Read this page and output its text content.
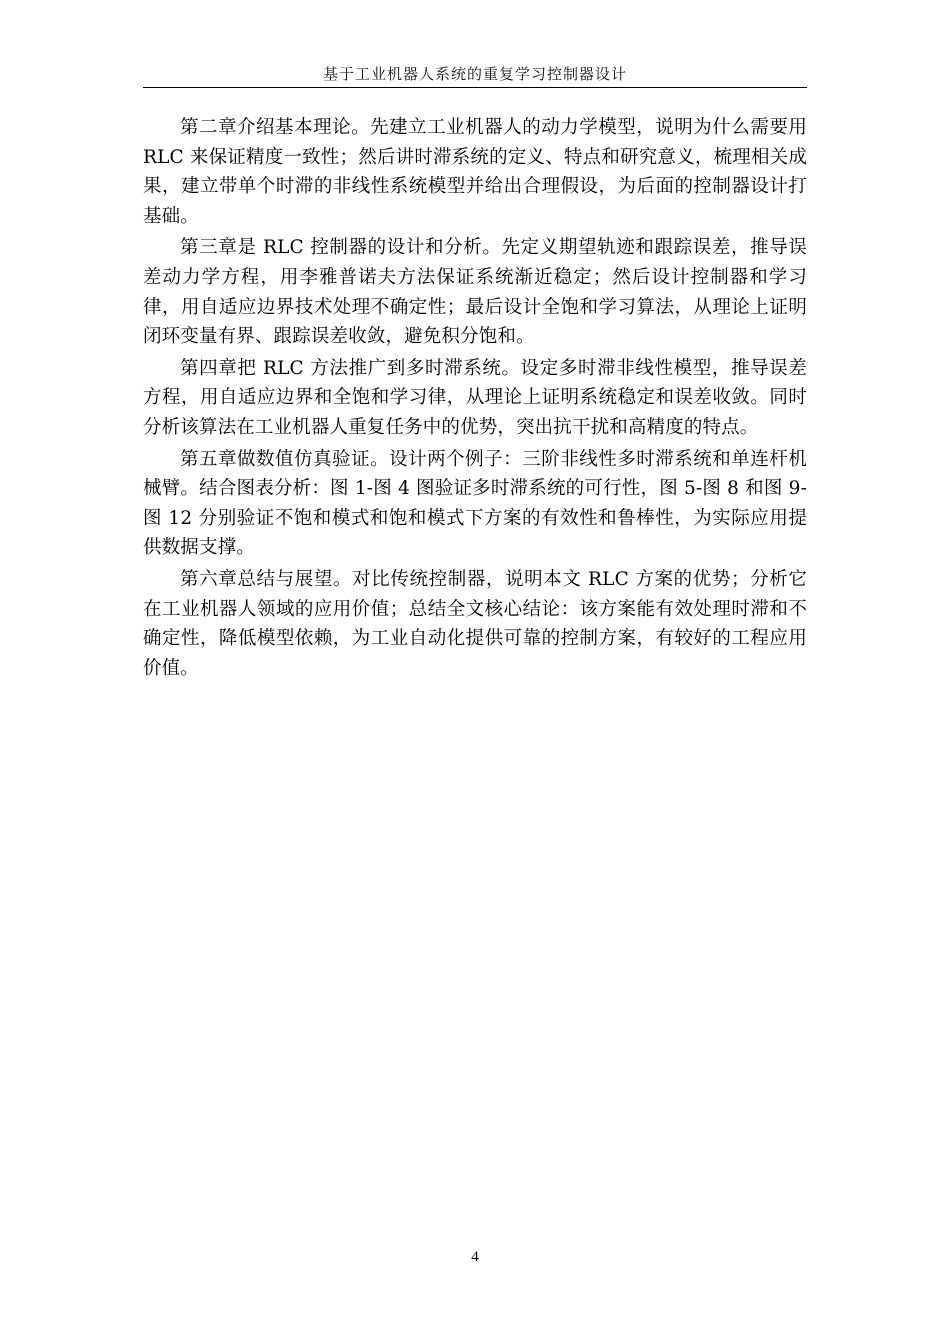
基于工业机器人系统的重复学习控制器设计

第二章介绍基本理论。先建立工业机器人的动力学模型，说明为什么需要用 RLC 来保证精度一致性；然后讲时滞系统的定义、特点和研究意义，梳理相关成果，建立带单个时滞的非线性系统模型并给出合理假设，为后面的控制器设计打基础。

第三章是 RLC 控制器的设计和分析。先定义期望轨迹和跟踪误差，推导误差动力学方程，用李雅普诺夫方法保证系统渐近稳定；然后设计控制器和学习律，用自适应边界技术处理不确定性；最后设计全饱和学习算法，从理论上证明闭环变量有界、跟踪误差收敛，避免积分饱和。

第四章把 RLC 方法推广到多时滞系统。设定多时滞非线性模型，推导误差方程，用自适应边界和全饱和学习律，从理论上证明系统稳定和误差收敛。同时分析该算法在工业机器人重复任务中的优势，突出抗干扰和高精度的特点。

第五章做数值仿真验证。设计两个例子：三阶非线性多时滞系统和单连杆机械臂。结合图表分析：图 1-图 4 图验证多时滞系统的可行性，图 5-图 8 和图 9-图 12 分别验证不饱和模式和饱和模式下方案的有效性和鲁棒性，为实际应用提供数据支撑。

第六章总结与展望。对比传统控制器，说明本文 RLC 方案的优势；分析它在工业机器人领域的应用价值；总结全文核心结论：该方案能有效处理时滞和不确定性，降低模型依赖，为工业自动化提供可靠的控制方案，有较好的工程应用价值。

4
